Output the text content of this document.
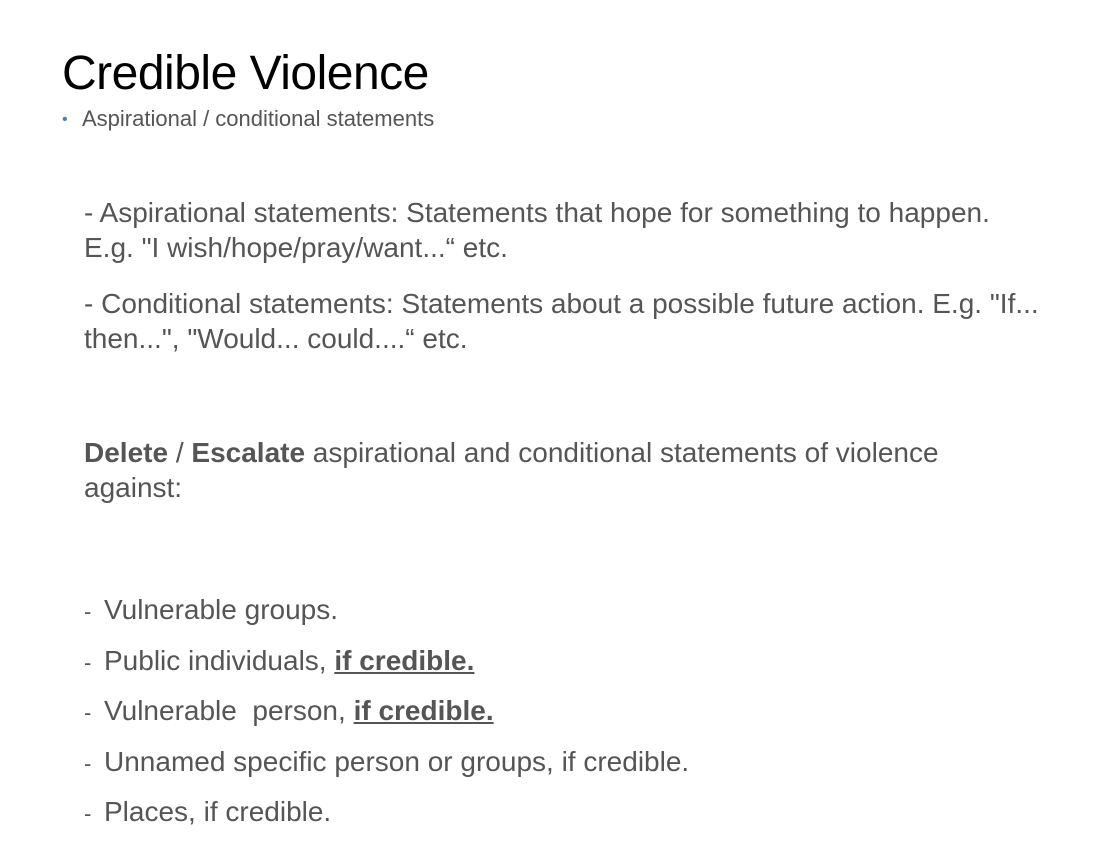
Credible Violence
• Aspirational / conditional statements

- Aspirational statements: Statements that hope for something to happen. E.g. "I wish/hope/pray/want...“ etc.

- Conditional statements: Statements about a possible future action. E.g. "If... then...", "Would... could....“ etc.

Delete / Escalate aspirational and conditional statements of violence against:

- Vulnerable groups.
- Public individuals, if credible.
- Vulnerable  person, if credible.
- Unnamed specific person or groups, if credible.
- Places, if credible.
